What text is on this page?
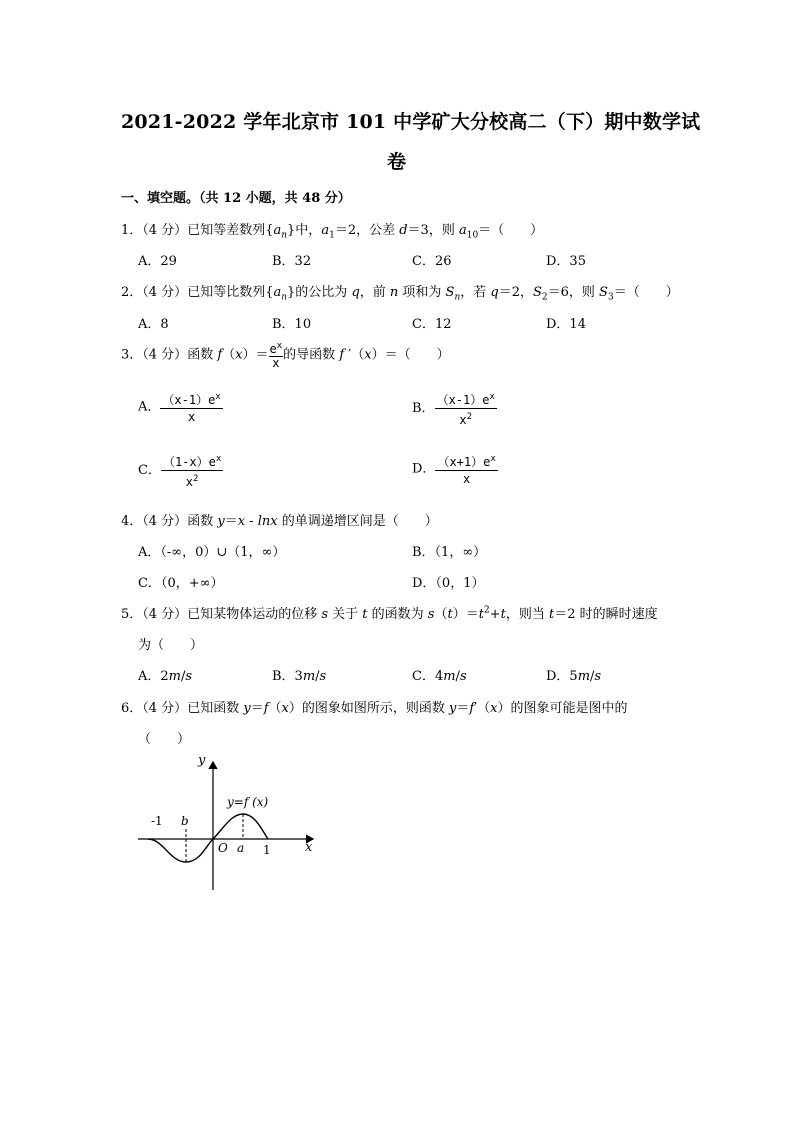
2021-2022 学年北京市 101 中学矿大分校高二（下）期中数学试
卷
一、填空题。（共 12 小题，共 48 分）
1．（4 分）已知等差数列$\{a_n\}$中，$a_1=2$，公差 d＝3，则 $a_{10}=$（　　）
A．29	B．32	C．26	D．35
2．（4 分）已知等比数列$\{a_n\}$的公比为 q，前 n 项和为 $S_n$，若 q＝2，$S_2=6$，则 $S_3=$（　　）
A．8	B．10	C．12	D．14
3．（4 分）函数 $f(x)= \frac{e^x}{x}$ 的导函数 f ′（x）＝（　　）
A． $\frac{(x-1)e^x}{x}$	B． $\frac{(x-1)e^x}{x^2}$
C． $\frac{(1-x)e^x}{x^2}$	D． $\frac{(x+1)e^x}{x}$
4．（4 分）函数 y＝x - lnx 的单调递增区间是（　　）
A．（-∞，0）∪（1，∞）	B．（1，∞）
C．（0，+∞）	D．（0，1）
5．（4 分）已知某物体运动的位移 s 关于 t 的函数为 $s(t)=t^2+t$，则当 t＝2 时的瞬时速度
为（　　）
A．2m/s	B．3m/s	C．4m/s	D．5m/s
6．（4 分）已知函数 y＝f（x）的图象如图所示，则函数 y＝f′（x）的图象可能是图中的
（　　）
y
x
y=f (x)
-1 b
O a 1
